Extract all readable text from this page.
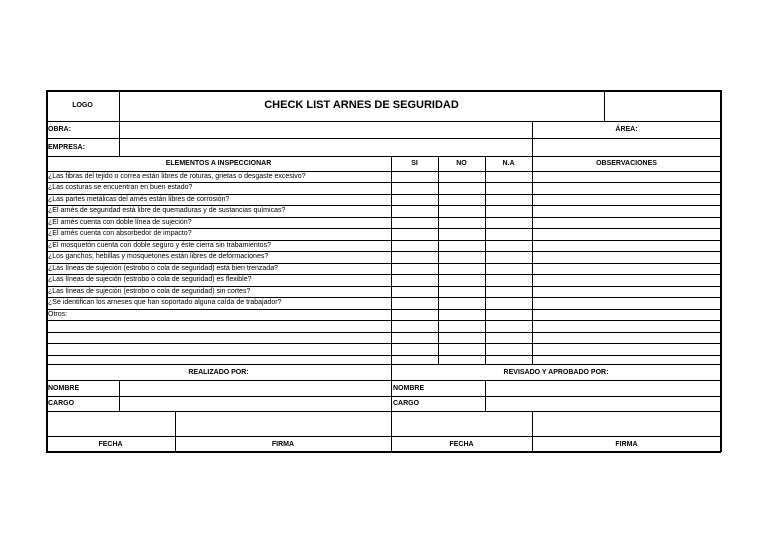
LOGO	CHECK LIST ARNES DE SEGURIDAD
OBRA:	ÁREA:
EMPRESA:
ELEMENTOS A INSPECCIONAR	SI	NO	N.A	OBSERVACIONES
¿Las fibras del tejido o correa están libres de roturas, grietas o desgaste excesivo?
¿Las costuras se encuentran en buen estado?
¿Las partes metálicas del arnés están libres de corrosión?
¿El arnés de seguridad está libre de quemaduras y de sustancias químicas?
¿El arnés cuenta con doble línea de sujeción?
¿El arnés cuenta con absorbedor de impacto?
¿El mosquetón cuenta con doble seguro y éste cierra sin trabamientos?
¿Los ganchos, hebillas y mosquetones están libres de deformaciones?
¿Las líneas de sujeción (estrobo o cola de seguridad) está bien trenzada?
¿Las líneas de sujeción (estrobo o cola de seguridad) es flexible?
¿Las líneas de sujeción (estrobo o cola de seguridad) sin cortes?
¿Se identifican los arneses que han soportado alguna caída de trabajador?
Otros:
REALIZADO POR:	REVISADO Y APROBADO POR:
NOMBRE	NOMBRE
CARGO	CARGO
FECHA	FIRMA	FECHA	FIRMA
